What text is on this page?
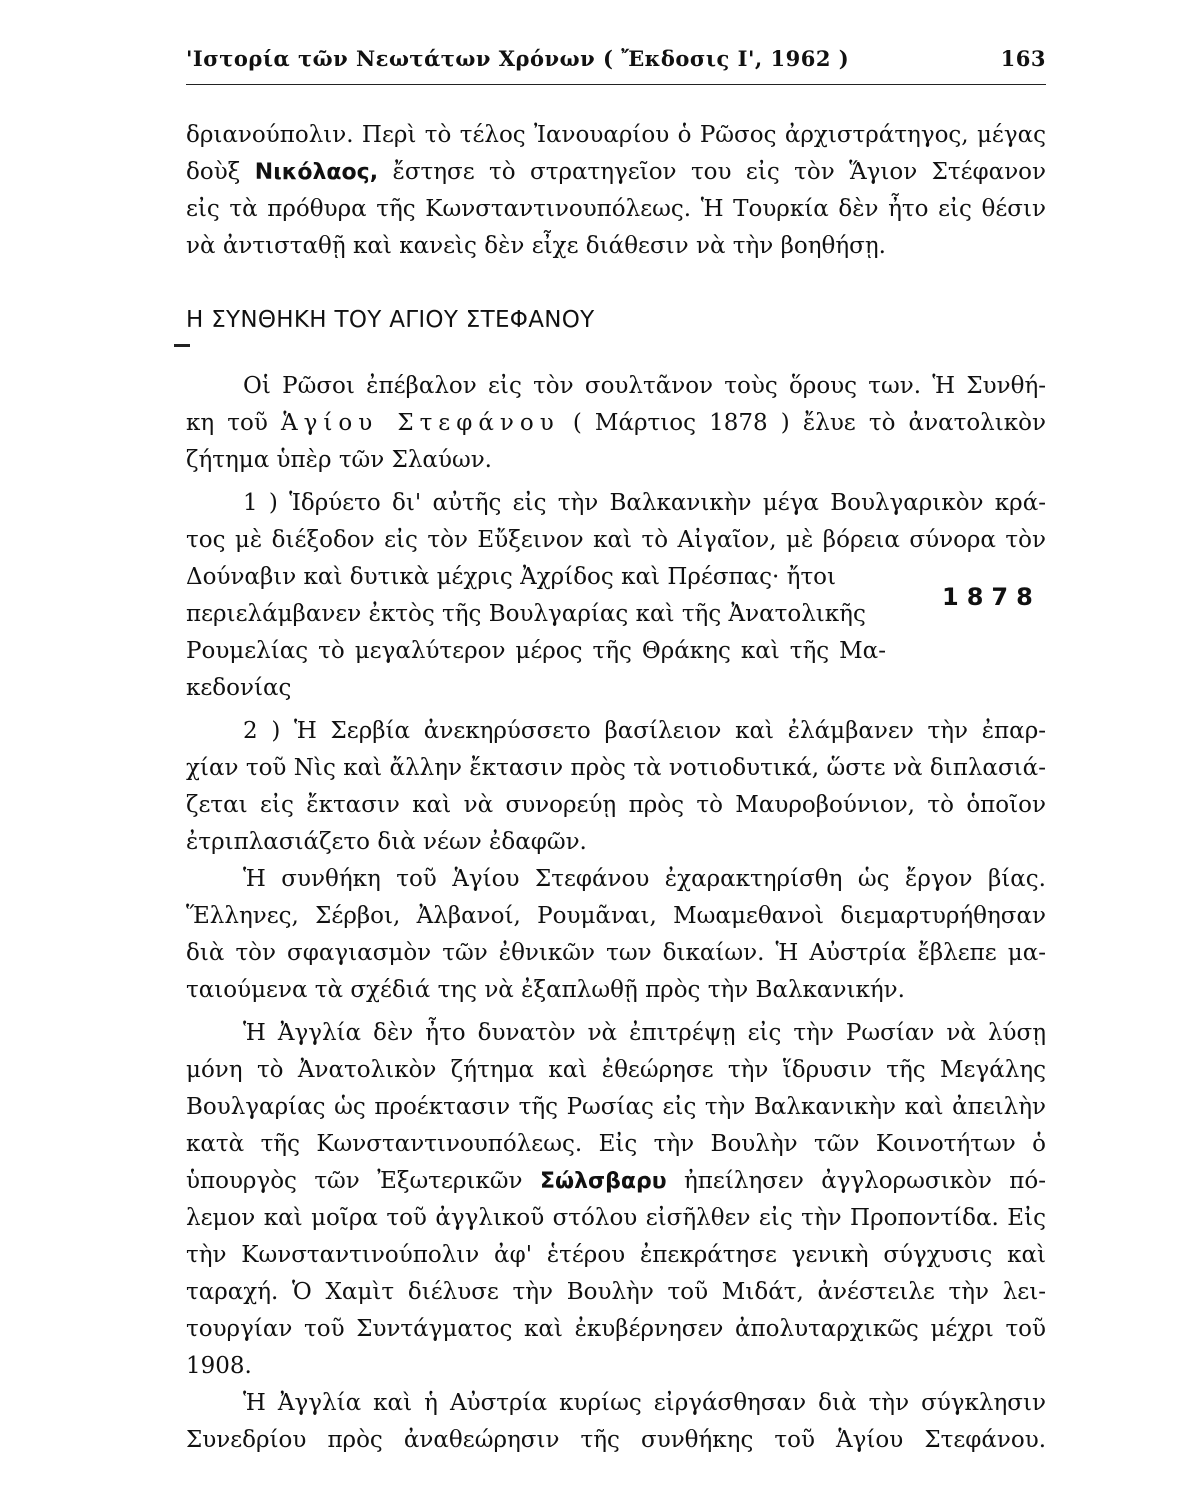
'Ιστορία τῶν Νεωτάτων Χρόνων ( Ἔκδοσις Ι', 1962 )	163
δριανούπολιν. Περὶ τὸ τέλος Ἰανουαρίου ὁ Ρῶσος ἀρχιστράτηγος, μέγας
δοὺξ Νικόλαος, ἔστησε τὸ στρατηγεῖον του εἰς τὸν Ἅγιον Στέφανον
εἰς τὰ πρόθυρα τῆς Κωνσταντινουπόλεως. Ἡ Τουρκία δὲν ἦτο εἰς θέσιν
νὰ ἀντισταθῇ καὶ κανεὶς δὲν εἶχε διάθεσιν νὰ τὴν βοηθήσῃ.
Η ΣΥΝΘΗΚΗ ΤΟΥ ΑΓΙΟΥ ΣΤΕΦΑΝΟΥ
Οἱ Ρῶσοι ἐπέβαλον εἰς τὸν σουλτᾶνον τοὺς ὅρους των. Ἡ Συνθή-
κη τοῦ Ἁγίου Στεφάνου ( Μάρτιος 1878 ) ἔλυε τὸ ἀνατολικὸν
ζήτημα ὑπὲρ τῶν Σλαύων.
1 ) Ἱδρύετο δι' αὐτῆς εἰς τὴν Βαλκανικὴν μέγα Βουλγαρικὸν κρά-
τος μὲ διέξοδον εἰς τὸν Εὔξεινον καὶ τὸ Αἰγαῖον, μὲ βόρεια σύνορα τὸν
Δούναβιν καὶ δυτικὰ μέχρις Ἀχρίδος καὶ Πρέσπας· ἤτοι
περιελάμβανεν ἐκτὸς τῆς Βουλγαρίας καὶ τῆς Ἀνατολικῆς
Ρουμελίας τὸ μεγαλύτερον μέρος τῆς Θράκης καὶ τῆς Μα-
κεδονίας
2 ) Ἡ Σερβία ἀνεκηρύσσετο βασίλειον καὶ ἐλάμβανεν τὴν ἐπαρ-
χίαν τοῦ Νὶς καὶ ἄλλην ἔκτασιν πρὸς τὰ νοτιοδυτικά, ὥστε νὰ διπλασιά-
ζεται εἰς ἔκτασιν καὶ νὰ συνορεύῃ πρὸς τὸ Μαυροβούνιον, τὸ ὁποῖον
ἐτριπλασιάζετο διὰ νέων ἐδαφῶν.
Ἡ συνθήκη τοῦ Ἁγίου Στεφάνου ἐχαρακτηρίσθη ὡς ἔργον βίας.
Ἕλληνες, Σέρβοι, Ἀλβανοί, Ρουμᾶναι, Μωαμεθανοὶ διεμαρτυρήθησαν
διὰ τὸν σφαγιασμὸν τῶν ἐθνικῶν των δικαίων. Ἡ Αὐστρία ἔβλεπε μα-
ταιούμενα τὰ σχέδιά της νὰ ἐξαπλωθῇ πρὸς τὴν Βαλκανικήν.
Ἡ Ἀγγλία δὲν ἦτο δυνατὸν νὰ ἐπιτρέψῃ εἰς τὴν Ρωσίαν νὰ λύσῃ
μόνη τὸ Ἀνατολικὸν ζήτημα καὶ ἐθεώρησε τὴν ἵδρυσιν τῆς Μεγάλης
Βουλγαρίας ὡς προέκτασιν τῆς Ρωσίας εἰς τὴν Βαλκανικὴν καὶ ἀπειλὴν
κατὰ τῆς Κωνσταντινουπόλεως. Εἰς τὴν Βουλὴν τῶν Κοινοτήτων ὁ
ὑπουργὸς τῶν Ἐξωτερικῶν Σώλσβαρυ ἠπείλησεν ἀγγλορωσικὸν πό-
λεμον καὶ μοῖρα τοῦ ἀγγλικοῦ στόλου εἰσῆλθεν εἰς τὴν Προποντίδα. Εἰς
τὴν Κωνσταντινούπολιν ἀφ' ἑτέρου ἐπεκράτησε γενικὴ σύγχυσις καὶ
ταραχή. Ὁ Χαμὶτ διέλυσε τὴν Βουλὴν τοῦ Μιδάτ, ἀνέστειλε τὴν λει-
τουργίαν τοῦ Συντάγματος καὶ ἐκυβέρνησεν ἀπολυταρχικῶς μέχρι τοῦ
1908.
Ἡ Ἀγγλία καὶ ἡ Αὐστρία κυρίως εἰργάσθησαν διὰ τὴν σύγκλησιν
Συνεδρίου πρὸς ἀναθεώρησιν τῆς συνθήκης τοῦ Ἁγίου Στεφάνου.
1878
